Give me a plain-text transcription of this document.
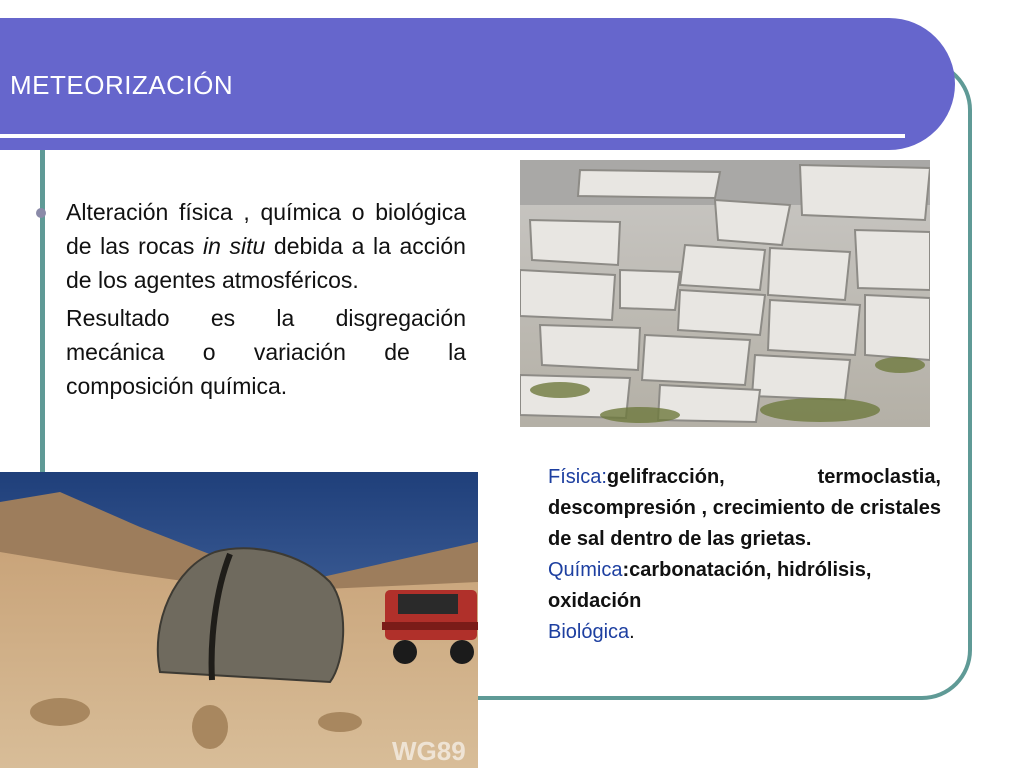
METEORIZACIÓN

Alteración física , química o biológica de las rocas in situ debida a la acción de los agentes atmosféricos.

Resultado es la disgregación mecánica o variación de la composición química.

WG89
Física:gelifracción, termoclastia, descompresión , crecimiento de cristales de sal dentro de las grietas.
Química:carbonatación, hidrólisis, oxidación
Biológica.
